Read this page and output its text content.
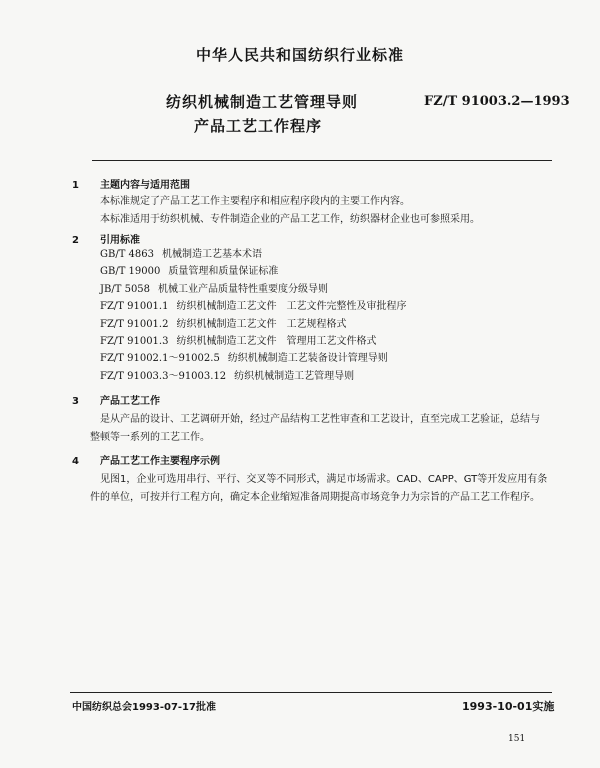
中华人民共和国纺织行业标准
纺织机械制造工艺管理导则
产品工艺工作程序
FZ/T 91003.2—1993
1 主题内容与适用范围
本标准规定了产品工艺工作主要程序和相应程序段内的主要工作内容。
本标准适用于纺织机械、专件制造企业的产品工艺工作，纺织器材企业也可参照采用。
2 引用标准
GB/T 4863 机械制造工艺基本术语
GB/T 19000 质量管理和质量保证标准
JB/T 5058 机械工业产品质量特性重要度分级导则
FZ/T 91001.1 纺织机械制造工艺文件　工艺文件完整性及审批程序
FZ/T 91001.2 纺织机械制造工艺文件　工艺规程格式
FZ/T 91001.3 纺织机械制造工艺文件　管理用工艺文件格式
FZ/T 91002.1～91002.5 纺织机械制造工艺装备设计管理导则
FZ/T 91003.3～91003.12 纺织机械制造工艺管理导则
3 产品工艺工作
是从产品的设计、工艺调研开始，经过产品结构工艺性审查和工艺设计，直至完成工艺验证，总结与
整顿等一系列的工艺工作。
4 产品工艺工作主要程序示例
见图1，企业可选用串行、平行、交叉等不同形式，满足市场需求。CAD、CAPP、GT等开发应用有条
件的单位，可按并行工程方向，确定本企业缩短准备周期提高市场竞争力为宗旨的产品工艺工作程序。
中国纺织总会1993-07-17批准	1993-10-01实施
151
